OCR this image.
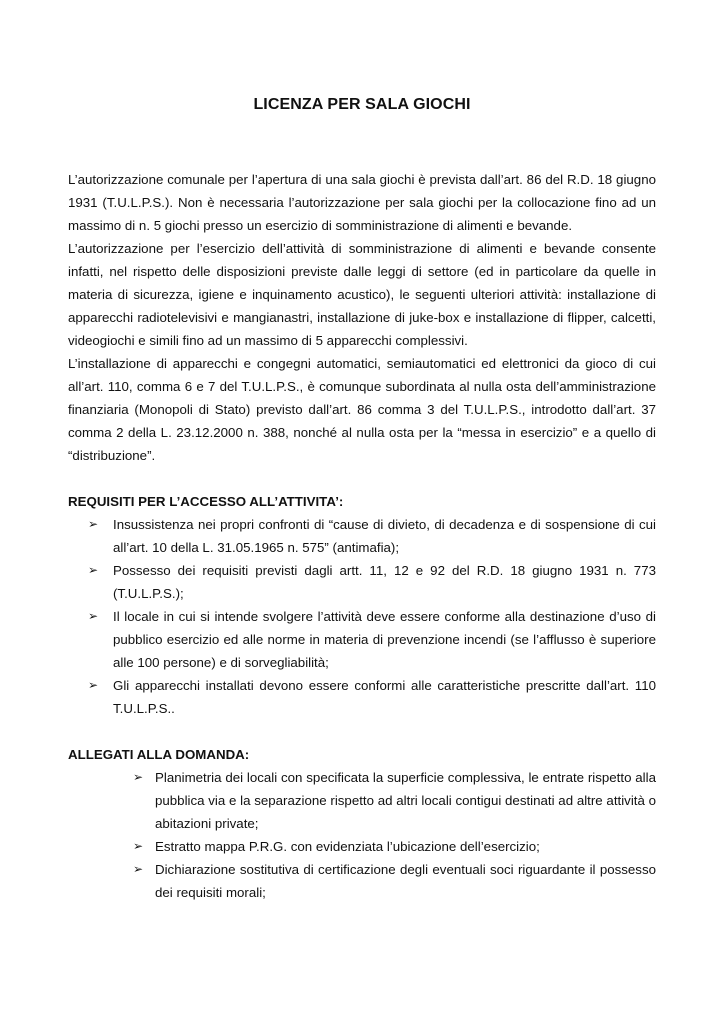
LICENZA PER SALA GIOCHI

L’autorizzazione comunale per l’apertura di una sala giochi è prevista dall’art. 86 del R.D. 18 giugno 1931 (T.U.L.P.S.). Non è necessaria l’autorizzazione per sala giochi per la collocazione fino ad un massimo di n. 5 giochi presso un esercizio di somministrazione di alimenti e bevande.

L’autorizzazione per l’esercizio dell’attività di somministrazione di alimenti e bevande consente infatti, nel rispetto delle disposizioni previste dalle leggi di settore (ed in particolare da quelle in materia di sicurezza, igiene e inquinamento acustico), le seguenti ulteriori attività: installazione di apparecchi radiotelevisivi e mangianastri, installazione di juke-box e installazione di flipper, calcetti, videogiochi e simili fino ad un massimo di 5 apparecchi complessivi.

L’installazione di apparecchi e congegni automatici, semiautomatici ed elettronici da gioco di cui all’art. 110, comma 6 e 7 del T.U.L.P.S., è comunque subordinata al nulla osta dell’amministrazione finanziaria (Monopoli di Stato) previsto dall’art. 86 comma 3 del T.U.L.P.S., introdotto dall’art. 37 comma 2 della L. 23.12.2000 n. 388, nonché al nulla osta per la “messa in esercizio” e a quello di “distribuzione”.

REQUISITI PER L’ACCESSO ALL’ATTIVITA’:
➢ Insussistenza nei propri confronti di “cause di divieto, di decadenza e di sospensione di cui all’art. 10 della L. 31.05.1965 n. 575” (antimafia);
➢ Possesso dei requisiti previsti dagli artt. 11, 12 e 92 del R.D. 18 giugno 1931 n. 773 (T.U.L.P.S.);
➢ Il locale in cui si intende svolgere l’attività deve essere conforme alla destinazione d’uso di pubblico esercizio ed alle norme in materia di prevenzione incendi (se l’afflusso è superiore alle 100 persone) e di sorvegliabilità;
➢ Gli apparecchi installati devono essere conformi alle caratteristiche prescritte dall’art. 110 T.U.L.P.S..
ALLEGATI ALLA DOMANDA:
➢ Planimetria dei locali con specificata la superficie complessiva, le entrate rispetto alla pubblica via e la separazione rispetto ad altri locali contigui destinati ad altre attività o abitazioni private;
➢ Estratto mappa P.R.G. con evidenziata l’ubicazione dell’esercizio;
➢ Dichiarazione sostitutiva di certificazione degli eventuali soci riguardante il possesso dei requisiti morali;
